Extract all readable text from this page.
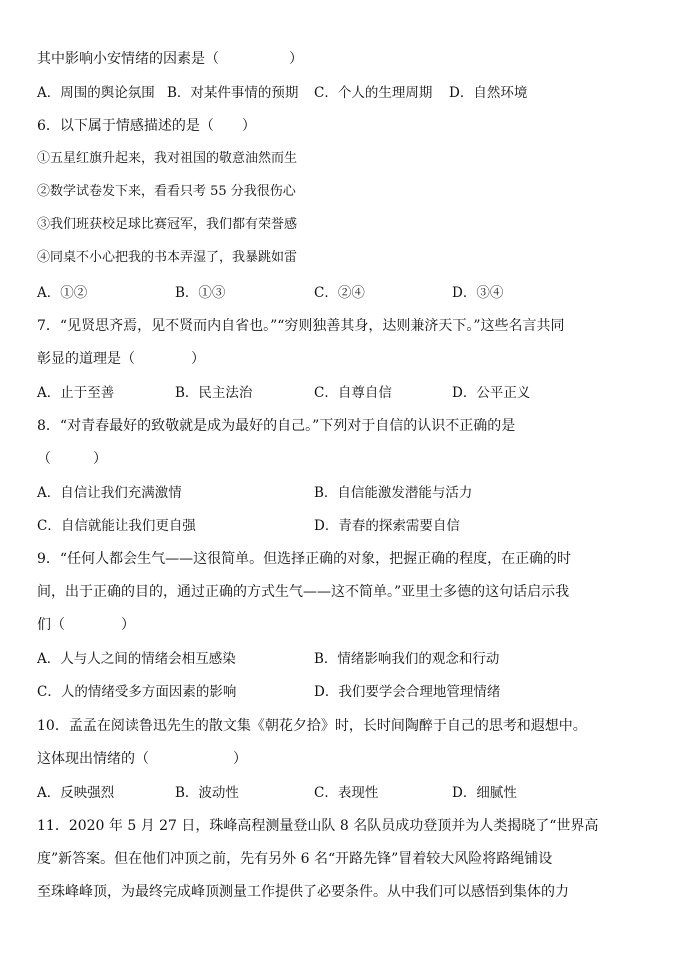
其中影响小安情绪的因素是（　　　　　）
A．周围的舆论氛围 B．对某件事情的预期 C．个人的生理周期 D．自然环境
6．以下属于情感描述的是（　　）
①五星红旗升起来，我对祖国的敬意油然而生
②数学试卷发下来，看看只考 55 分我很伤心
③我们班获校足球比赛冠军，我们都有荣誉感
④同桌不小心把我的书本弄湿了，我暴跳如雷
A．①②	B．①③	C．②④	D．③④
7．“见贤思齐焉，见不贤而内自省也。”“穷则独善其身，达则兼济天下。”这些名言共同
彰显的道理是（　　　　）
A．止于至善	B．民主法治	C．自尊自信	D．公平正义
8．“对青春最好的致敬就是成为最好的自己。”下列对于自信的认识不正确的是
（　　　）
A．自信让我们充满激情	B．自信能激发潜能与活力
C．自信就能让我们更自强	D．青春的探索需要自信
9．“任何人都会生气——这很简单。但选择正确的对象，把握正确的程度，在正确的时
间，出于正确的目的，通过正确的方式生气——这不简单。”亚里士多德的这句话启示我
们（　　　　）
A．人与人之间的情绪会相互感染	B．情绪影响我们的观念和行动
C．人的情绪受多方面因素的影响	D．我们要学会合理地管理情绪
10．孟孟在阅读鲁迅先生的散文集《朝花夕拾》时，长时间陶醉于自己的思考和遐想中。
这体现出情绪的（　　　　　　）
A．反映强烈	B．波动性	C．表现性	D．细腻性
11．2020 年 5 月 27 日，珠峰高程测量登山队 8 名队员成功登顶并为人类揭晓了“世界高
度”新答案。但在他们冲顶之前，先有另外 6 名“开路先锋”冒着较大风险将路绳铺设
至珠峰峰顶，为最终完成峰顶测量工作提供了必要条件。从中我们可以感悟到集体的力
